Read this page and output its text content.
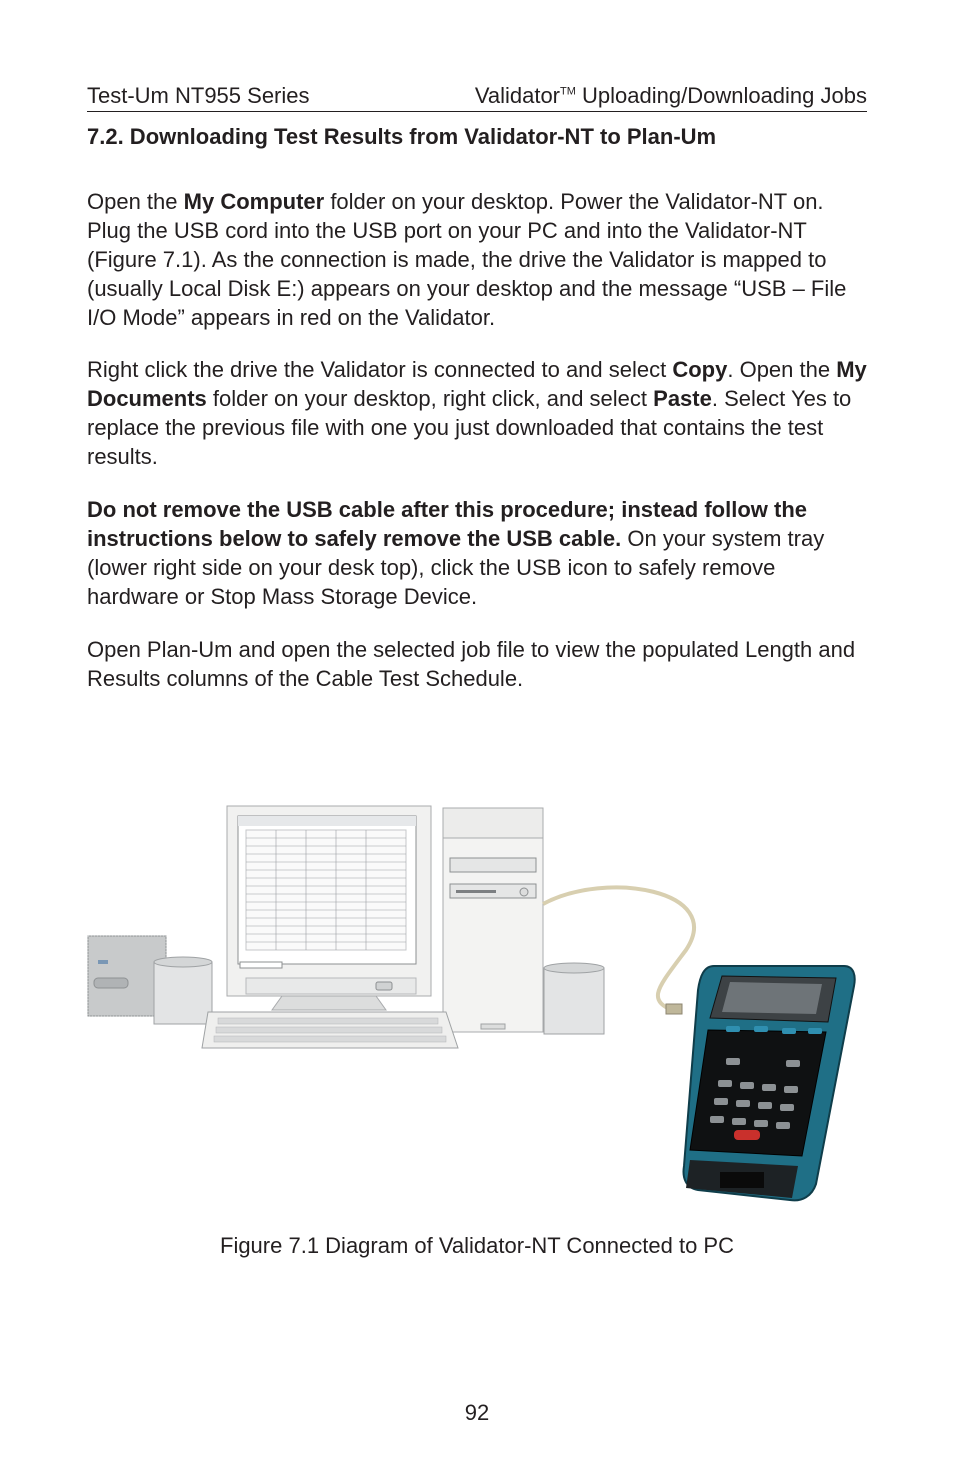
Test-Um NT955 Series	Validator™ Uploading/Downloading Jobs
7.2. Downloading Test Results from Validator-NT to Plan-Um

Open the My Computer folder on your desktop. Power the Validator-NT on. Plug the USB cord into the USB port on your PC and into the Validator-NT (Figure 7.1). As the connection is made, the drive the Validator is mapped to (usually Local Disk E:) appears on your desktop and the message “USB – File I/O Mode” appears in red on the Validator.

Right click the drive the Validator is connected to and select Copy. Open the My Documents folder on your desktop, right click, and select Paste. Select Yes to replace the previous file with one you just downloaded that contains the test results.

Do not remove the USB cable after this procedure; instead follow the instructions below to safely remove the USB cable. On your system tray (lower right side on your desk top), click the USB icon to safely remove hardware or Stop Mass Storage Device.

Open Plan-Um and open the selected job file to view the populated Length and Results columns of the Cable Test Schedule.

Figure 7.1 Diagram of Validator-NT Connected to PC
92
